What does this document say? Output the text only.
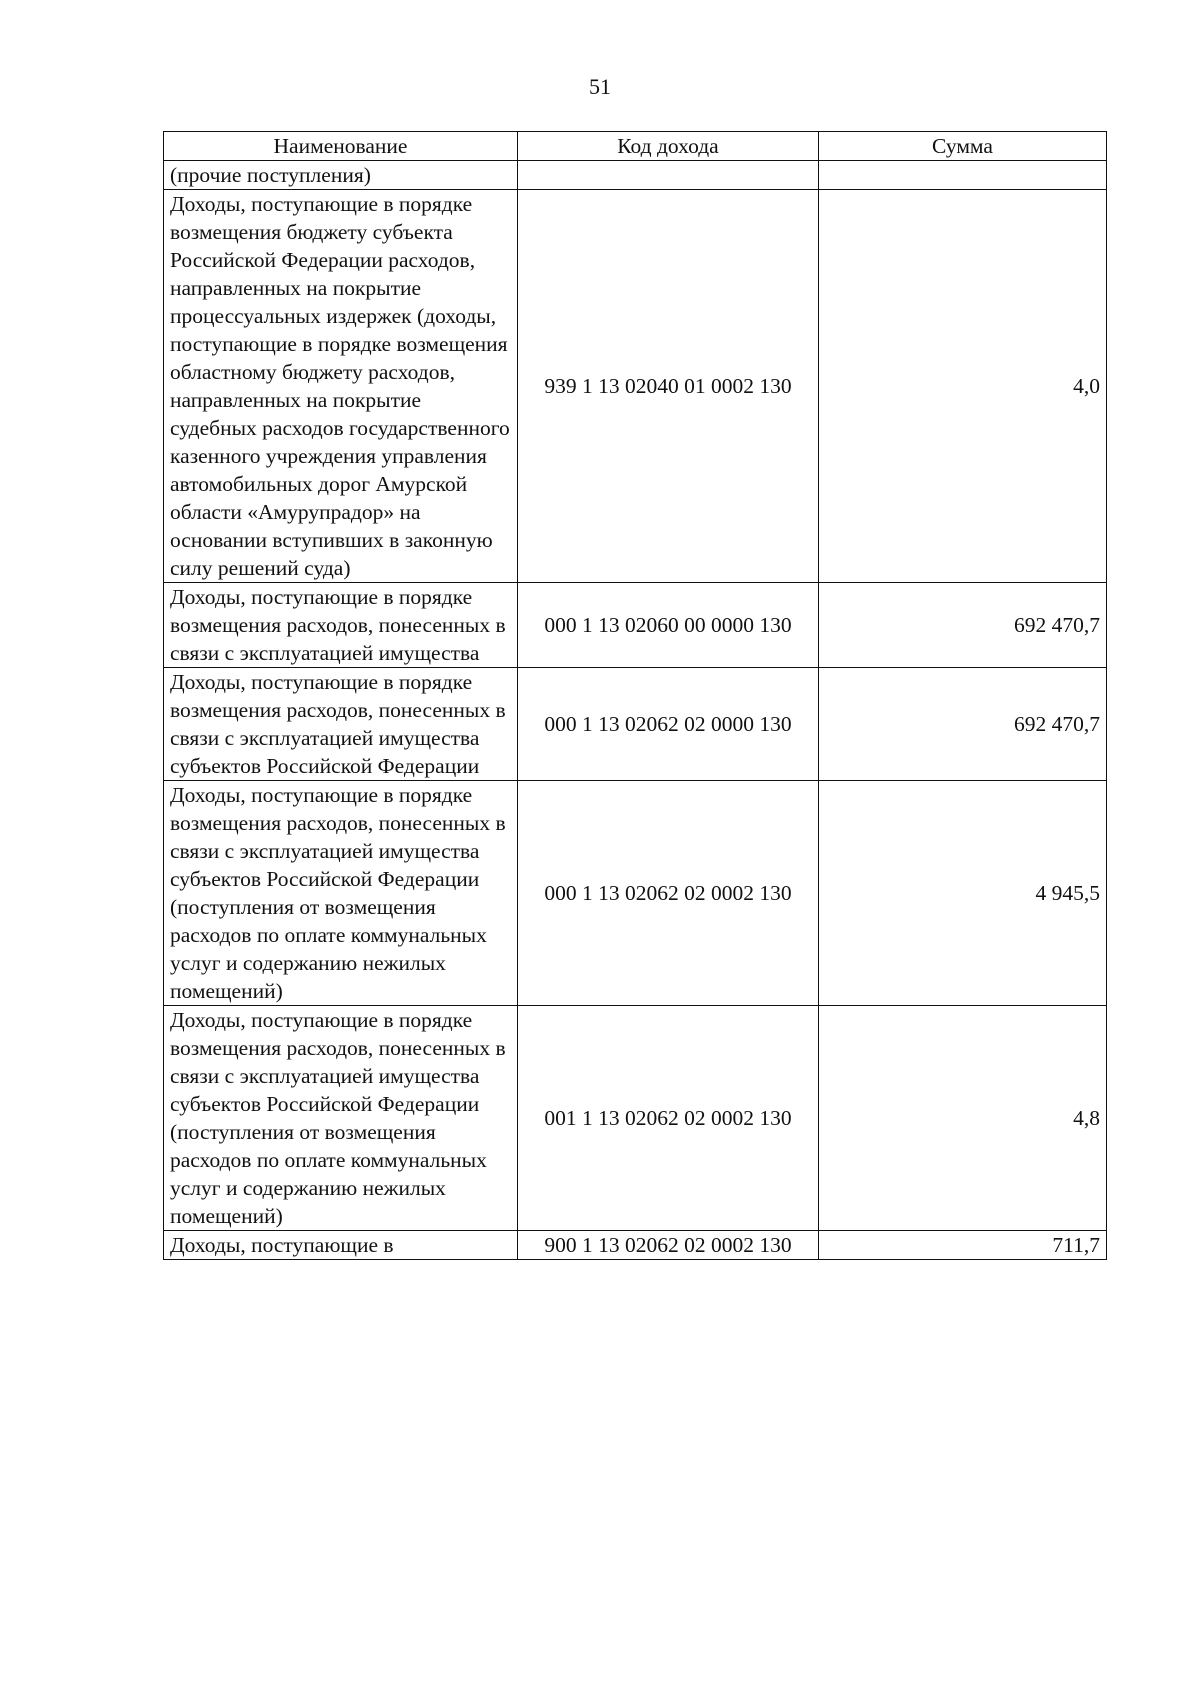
51
Наименование	Код дохода	Сумма
(прочие поступления)		
Доходы, поступающие в порядке возмещения бюджету субъекта Российской Федерации расходов, направленных на покрытие процессуальных издержек (доходы, поступающие в порядке возмещения областному бюджету расходов, направленных на покрытие судебных расходов государственного казенного учреждения управления автомобильных дорог Амурской области «Амурупрадор» на основании вступивших в законную силу решений суда)	939 1 13 02040 01 0002 130	4,0
Доходы, поступающие в порядке возмещения расходов, понесенных в связи с эксплуатацией имущества	000 1 13 02060 00 0000 130	692 470,7
Доходы, поступающие в порядке возмещения расходов, понесенных в связи с эксплуатацией имущества субъектов Российской Федерации	000 1 13 02062 02 0000 130	692 470,7
Доходы, поступающие в порядке возмещения расходов, понесенных в связи с эксплуатацией имущества субъектов Российской Федерации (поступления от возмещения расходов по оплате коммунальных услуг и содержанию нежилых помещений)	000 1 13 02062 02 0002 130	4 945,5
Доходы, поступающие в порядке возмещения расходов, понесенных в связи с эксплуатацией имущества субъектов Российской Федерации (поступления от возмещения расходов по оплате коммунальных услуг и содержанию нежилых помещений)	001 1 13 02062 02 0002 130	4,8
Доходы, поступающие в	900 1 13 02062 02 0002 130	711,7
